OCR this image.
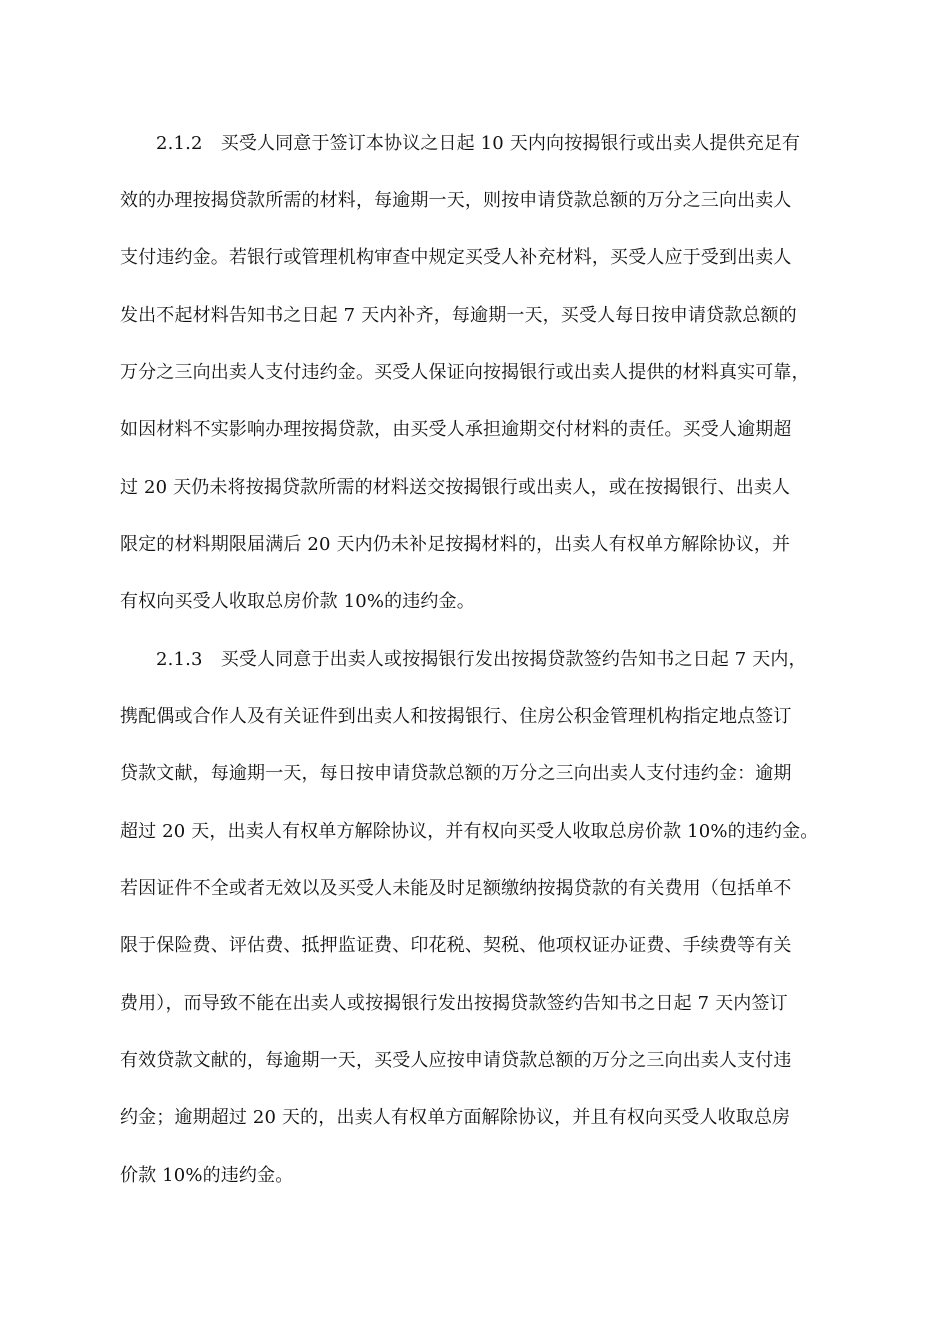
2.1.2　买受人同意于签订本协议之日起 10 天内向按揭银行或出卖人提供充足有
效的办理按揭贷款所需的材料，每逾期一天，则按申请贷款总额的万分之三向出卖人
支付违约金。若银行或管理机构审查中规定买受人补充材料，买受人应于受到出卖人
发出不起材料告知书之日起 7 天内补齐，每逾期一天，买受人每日按申请贷款总额的
万分之三向出卖人支付违约金。买受人保证向按揭银行或出卖人提供的材料真实可靠，
如因材料不实影响办理按揭贷款，由买受人承担逾期交付材料的责任。买受人逾期超
过 20 天仍未将按揭贷款所需的材料送交按揭银行或出卖人，或在按揭银行、出卖人
限定的材料期限届满后 20 天内仍未补足按揭材料的，出卖人有权单方解除协议，并
有权向买受人收取总房价款 10%的违约金。
2.1.3　买受人同意于出卖人或按揭银行发出按揭贷款签约告知书之日起 7 天内，
携配偶或合作人及有关证件到出卖人和按揭银行、住房公积金管理机构指定地点签订
贷款文献，每逾期一天，每日按申请贷款总额的万分之三向出卖人支付违约金：逾期
超过 20 天，出卖人有权单方解除协议，并有权向买受人收取总房价款 10%的违约金。
若因证件不全或者无效以及买受人未能及时足额缴纳按揭贷款的有关费用（包括单不
限于保险费、评估费、抵押监证费、印花税、契税、他项权证办证费、手续费等有关
费用），而导致不能在出卖人或按揭银行发出按揭贷款签约告知书之日起 7 天内签订
有效贷款文献的，每逾期一天，买受人应按申请贷款总额的万分之三向出卖人支付违
约金；逾期超过 20 天的，出卖人有权单方面解除协议，并且有权向买受人收取总房
价款 10%的违约金。
